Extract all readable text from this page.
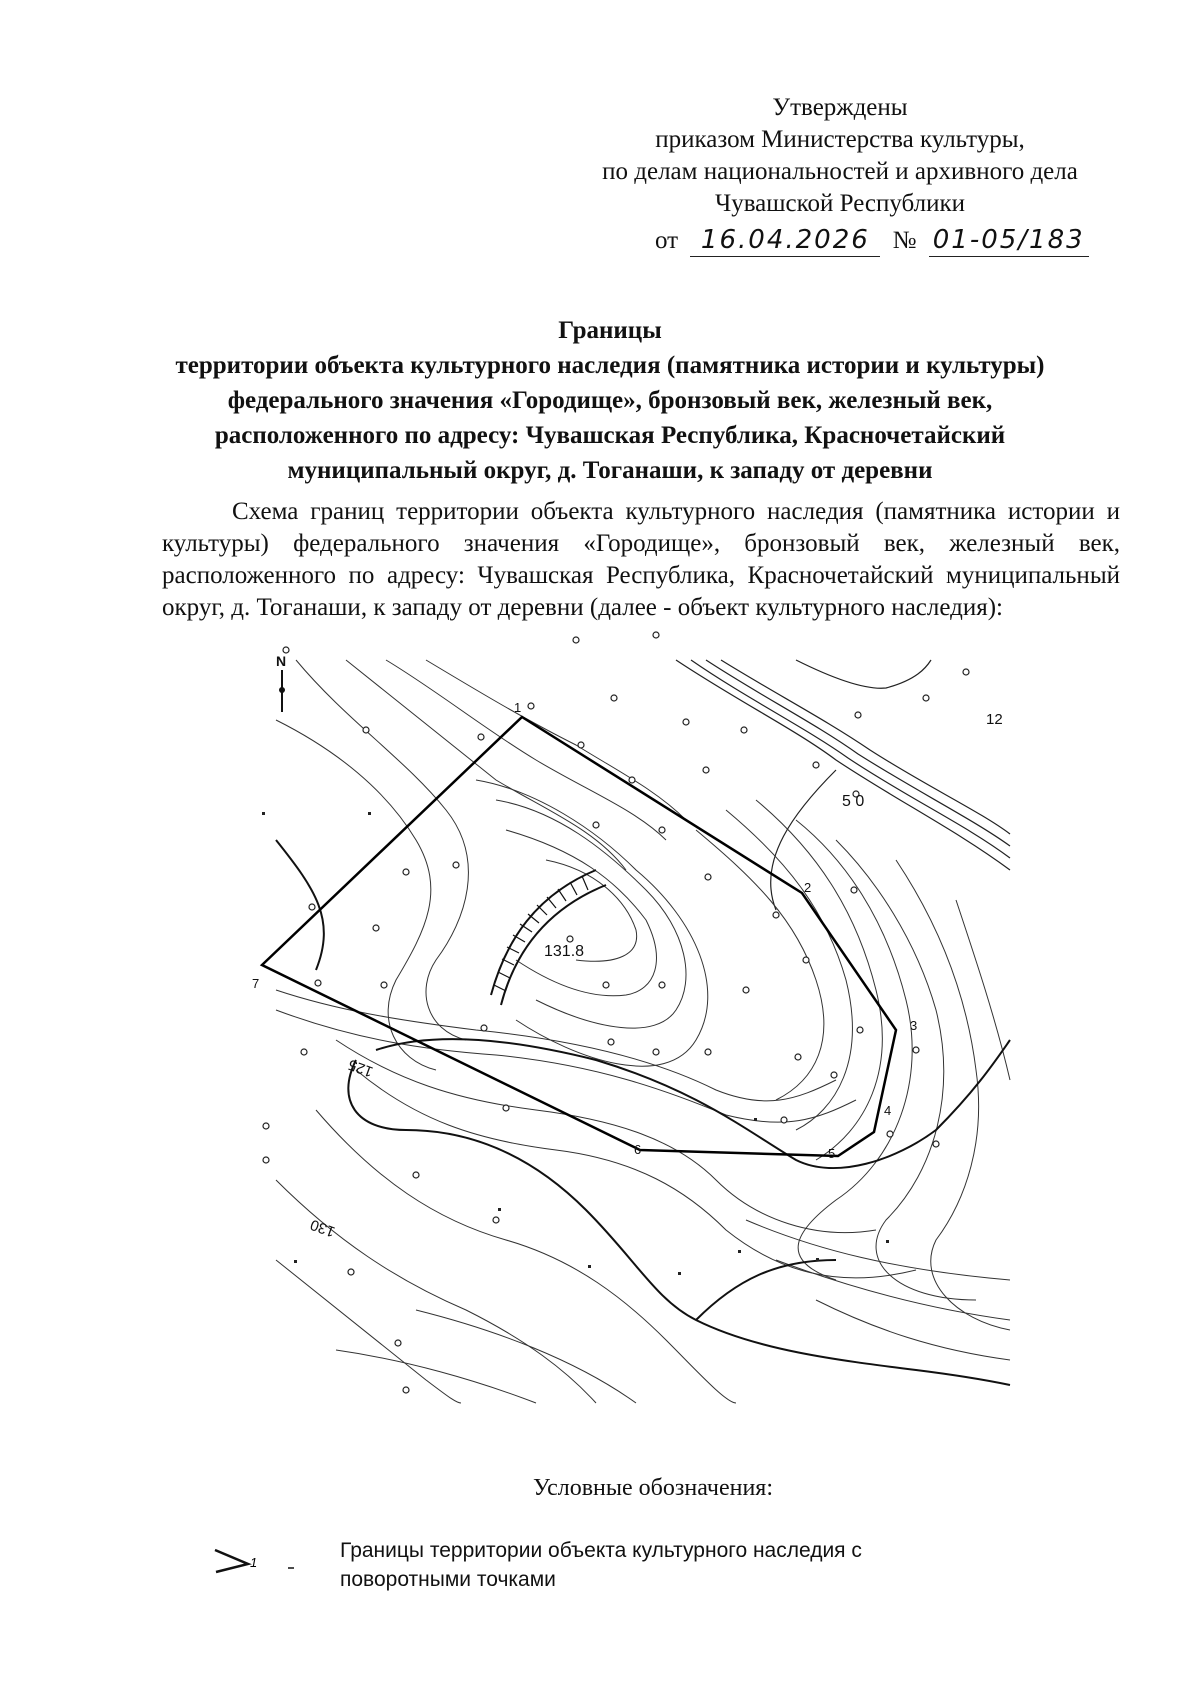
Утверждены
приказом Министерства культуры,
по делам национальностей и архивного дела
Чувашской Республики
от 16.04.2026 № 01-05/183
Границы
территории объекта культурного наследия (памятника истории и культуры)
федерального значения «Городище», бронзовый век, железный век,
расположенного по адресу: Чувашская Республика, Красночетайский
муниципальный округ, д. Тоганаши, к западу от деревни
Схема границ территории объекта культурного наследия (памятника истории и культуры) федерального значения «Городище», бронзовый век, железный век, расположенного по адресу: Чувашская Республика, Красночетайский муниципальный округ, д. Тоганаши, к западу от деревни (далее - объект культурного наследия):
N
1
2
3
4
5
6
7
131.8
125
130
12
5 0
Условные обозначения:
1
Границы территории объекта культурного наследия с поворотными точками
